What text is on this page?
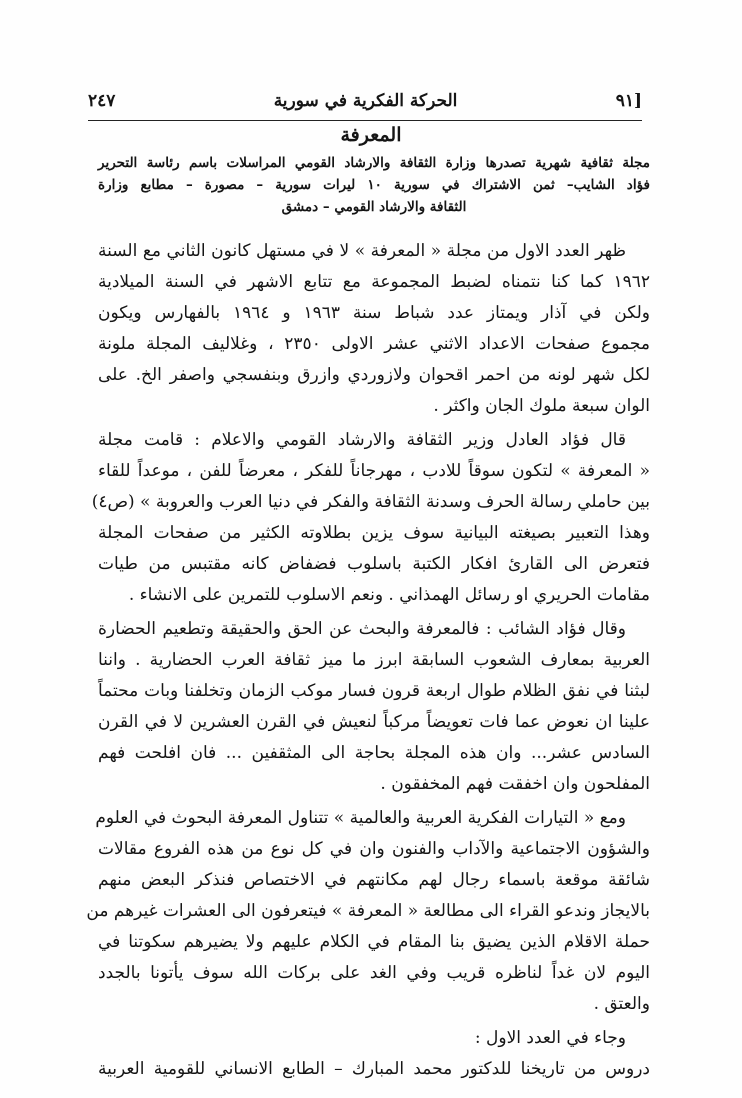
[٩١
الحركة الفكرية في سورية
٢٤٧
المعرفة
مجلة ثقافية شهرية تصدرها وزارة الثقافة والارشاد القومي المراسلات باسم رئاسة التحرير
فؤاد الشايب– ثمن الاشتراك في سورية ١٠ ليرات سورية – مصورة – مطابع وزارة
الثقافة والارشاد القومي – دمشق
ظهر العدد الاول من مجلة « المعرفة » لا في مستهل كانون الثاني مع السنة
١٩٦٢ كما كنا نتمناه لضبط المجموعة مع تتابع الاشهر في السنة الميلادية
ولكن في آذار ويمتاز عدد شباط سنة ١٩٦٣ و ١٩٦٤ بالفهارس ويكون
مجموع صفحات الاعداد الاثني عشر الاولى ٢٣٥٠ ، وغلاليف المجلة ملونة
لكل شهر لونه من احمر اقحوان ولازوردي وازرق وبنفسجي واصفر الخ. على
الوان سبعة ملوك الجان واكثر .
قال فؤاد العادل وزير الثقافة والارشاد القومي والاعلام : قامت مجلة
« المعرفة » لتكون سوقاً للادب ، مهرجاناً للفكر ، معرضاً للفن ، موعداً للقاء
بين حاملي رسالة الحرف وسدنة الثقافة والفكر في دنيا العرب والعروبة » (ص٤)
وهذا التعبير بصيغته البيانية سوف يزين بطلاوته الكثير من صفحات المجلة
فتعرض الى القارئ افكار الكتبة باسلوب فضفاض كانه مقتبس من طيات
مقامات الحريري او رسائل الهمذاني . ونعم الاسلوب للتمرين على الانشاء .
وقال فؤاد الشائب : فالمعرفة والبحث عن الحق والحقيقة وتطعيم الحضارة
العربية بمعارف الشعوب السابقة ابرز ما ميز ثقافة العرب الحضارية . واننا
لبثنا في نفق الظلام طوال اربعة قرون فسار موكب الزمان وتخلفنا وبات محتماً
علينا ان نعوض عما فات تعويضاً مركباً لنعيش في القرن العشرين لا في القرن
السادس عشر... وان هذه المجلة بحاجة الى المثقفين ... فان افلحت فهم
المفلحون وان اخفقت فهم المخفقون .
ومع « التيارات الفكرية العربية والعالمية » تتناول المعرفة البحوث في العلوم
والشؤون الاجتماعية والآداب والفنون وان في كل نوع من هذه الفروع مقالات
شائقة موقعة باسماء رجال لهم مكانتهم في الاختصاص فنذكر البعض منهم
بالايجاز وندعو القراء الى مطالعة « المعرفة » فيتعرفون الى العشرات غيرهم من
حملة الاقلام الذين يضيق بنا المقام في الكلام عليهم ولا يضيرهم سكوتنا في
اليوم لان غداً لناظره قريب وفي الغد على بركات الله سوف يأتونا بالجدد
والعتق .
وجاء في العدد الاول :
دروس من تاريخنا للدكتور محمد المبارك – الطابع الانساني للقومية العربية
